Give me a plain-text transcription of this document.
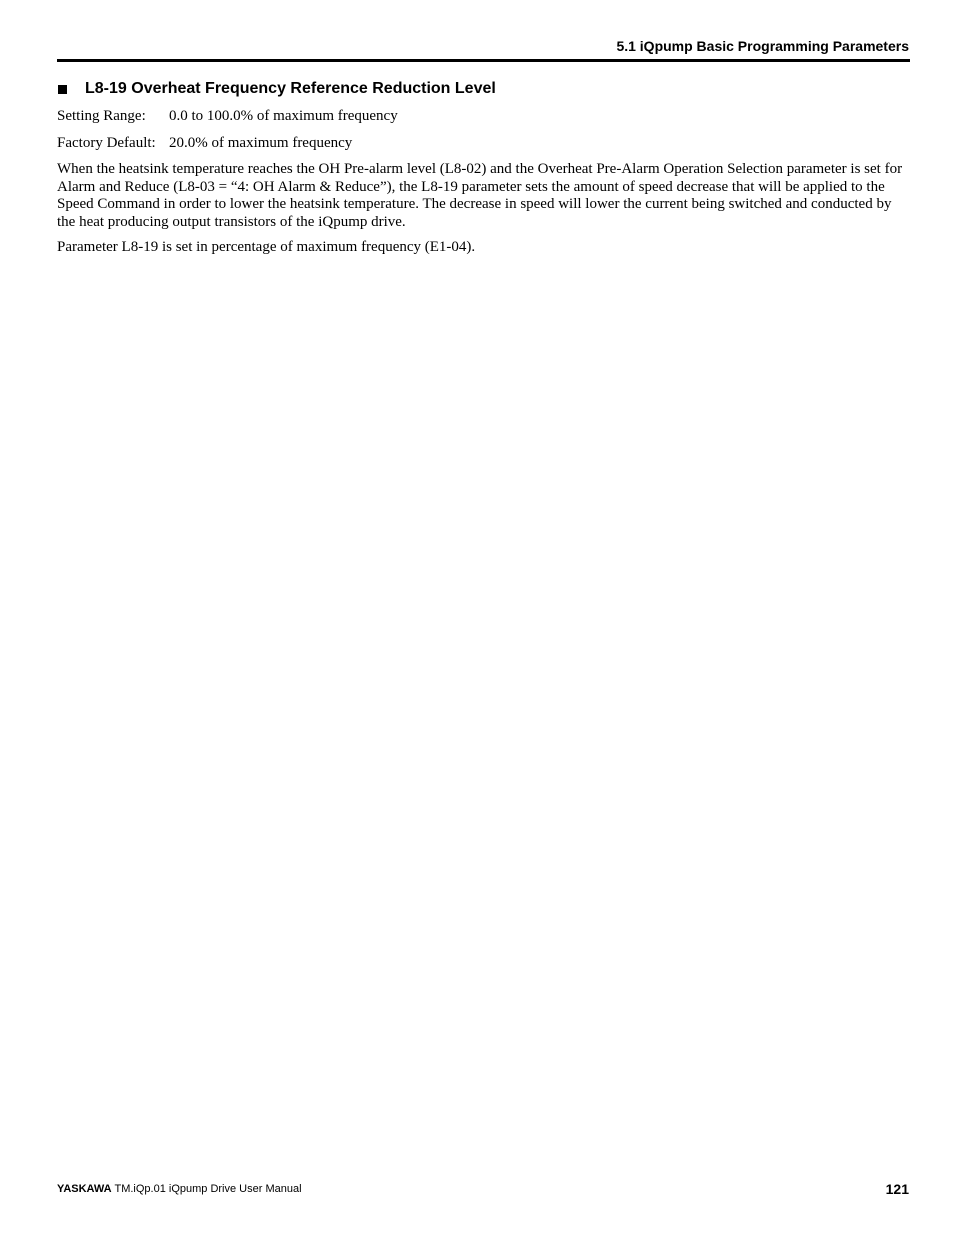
5.1 iQpump Basic Programming Parameters
L8-19 Overheat Frequency Reference Reduction Level
Setting Range: 0.0 to 100.0% of maximum frequency
Factory Default: 20.0% of maximum frequency

When the heatsink temperature reaches the OH Pre-alarm level (L8-02) and the Overheat Pre-Alarm Operation Selection parameter is set for Alarm and Reduce (L8-03 = “4: OH Alarm & Reduce”), the L8-19 parameter sets the amount of speed decrease that will be applied to the Speed Command in order to lower the heatsink temperature. The decrease in speed will lower the current being switched and conducted by the heat producing output transistors of the iQpump drive.

Parameter L8-19 is set in percentage of maximum frequency (E1-04).

YASKAWA TM.iQp.01 iQpump Drive User Manual	121
